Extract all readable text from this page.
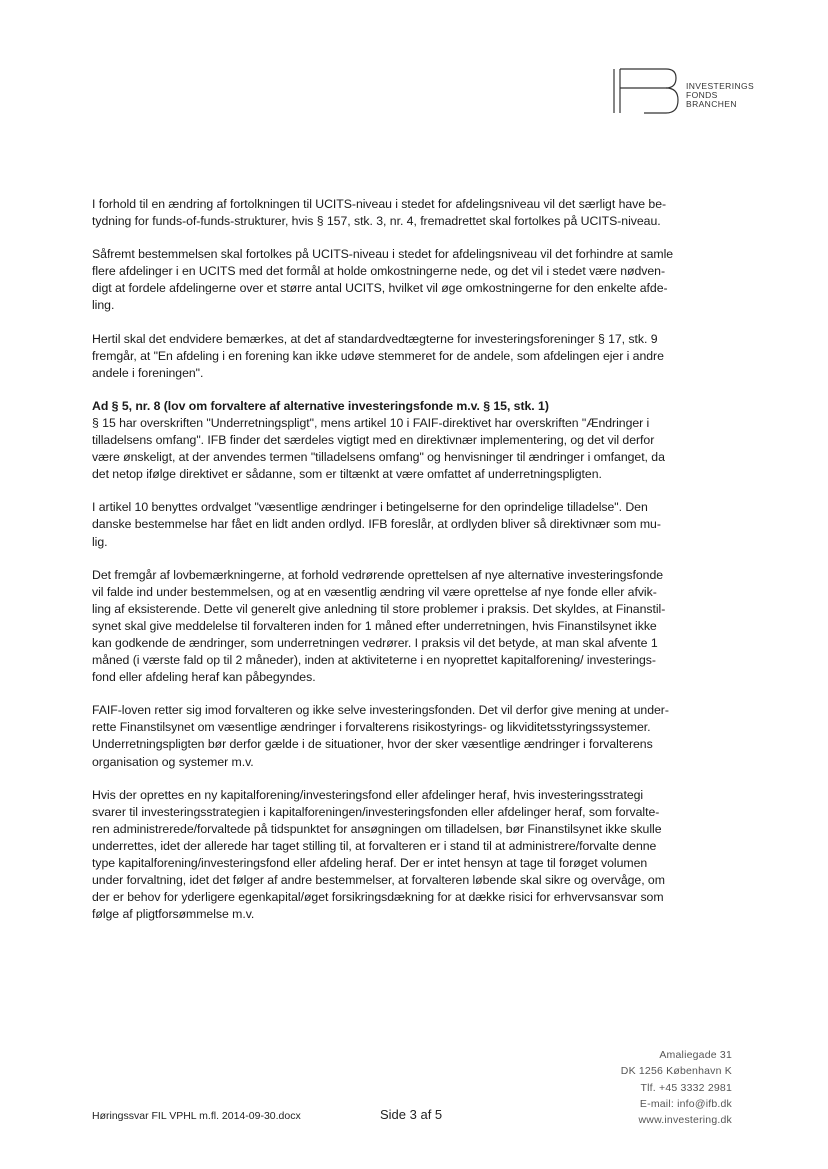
INVESTERINGS
FONDS
BRANCHEN
I forhold til en ændring af fortolkningen til UCITS-niveau i stedet for afdelingsniveau vil det særligt have be-
tydning for funds-of-funds-strukturer, hvis § 157, stk. 3, nr. 4, fremadrettet skal fortolkes på UCITS-niveau.
Såfremt bestemmelsen skal fortolkes på UCITS-niveau i stedet for afdelingsniveau vil det forhindre at samle
flere afdelinger i en UCITS med det formål at holde omkostningerne nede, og det vil i stedet være nødven-
digt at fordele afdelingerne over et større antal UCITS, hvilket vil øge omkostningerne for den enkelte afde-
ling.
Hertil skal det endvidere bemærkes, at det af standardvedtægterne for investeringsforeninger § 17, stk. 9
fremgår, at "En afdeling i en forening kan ikke udøve stemmeret for de andele, som afdelingen ejer i andre
andele i foreningen".
Ad § 5, nr. 8 (lov om forvaltere af alternative investeringsfonde m.v. § 15, stk. 1)
§ 15 har overskriften "Underretningspligt", mens artikel 10 i FAIF-direktivet har overskriften "Ændringer i
tilladelsens omfang". IFB finder det særdeles vigtigt med en direktivnær implementering, og det vil derfor
være ønskeligt, at der anvendes termen "tilladelsens omfang" og henvisninger til ændringer i omfanget, da
det netop ifølge direktivet er sådanne, som er tiltænkt at være omfattet af underretningspligten.
I artikel 10 benyttes ordvalget "væsentlige ændringer i betingelserne for den oprindelige tilladelse". Den
danske bestemmelse har fået en lidt anden ordlyd. IFB foreslår, at ordlyden bliver så direktivnær som mu-
lig.
Det fremgår af lovbemærkningerne, at forhold vedrørende oprettelsen af nye alternative investeringsfonde
vil falde ind under bestemmelsen, og at en væsentlig ændring vil være oprettelse af nye fonde eller afvik-
ling af eksisterende. Dette vil generelt give anledning til store problemer i praksis. Det skyldes, at Finanstil-
synet skal give meddelelse til forvalteren inden for 1 måned efter underretningen, hvis Finanstilsynet ikke
kan godkende de ændringer, som underretningen vedrører. I praksis vil det betyde, at man skal afvente 1
måned (i værste fald op til 2 måneder), inden at aktiviteterne i en nyoprettet kapitalforening/ investerings-
fond eller afdeling heraf kan påbegyndes.
FAIF-loven retter sig imod forvalteren og ikke selve investeringsfonden. Det vil derfor give mening at under-
rette Finanstilsynet om væsentlige ændringer i forvalterens risikostyrings- og likviditetsstyringssystemer.
Underretningspligten bør derfor gælde i de situationer, hvor der sker væsentlige ændringer i forvalterens
organisation og systemer m.v.
Hvis der oprettes en ny kapitalforening/investeringsfond eller afdelinger heraf, hvis investeringsstrategi
svarer til investeringsstrategien i kapitalforeningen/investeringsfonden eller afdelinger heraf, som forvalte-
ren administrerede/forvaltede på tidspunktet for ansøgningen om tilladelsen, bør Finanstilsynet ikke skulle
underrettes, idet der allerede har taget stilling til, at forvalteren er i stand til at administrere/forvalte denne
type kapitalforening/investeringsfond eller afdeling heraf. Der er intet hensyn at tage til forøget volumen
under forvaltning, idet det følger af andre bestemmelser, at forvalteren løbende skal sikre og overvåge, om
der er behov for yderligere egenkapital/øget forsikringsdækning for at dække risici for erhvervsansvar som
følge af pligtforsømmelse m.v.
Amaliegade 31
DK 1256 København K
Tlf. +45 3332 2981
E-mail: info@ifb.dk
www.investering.dk
Høringssvar FIL VPHL m.fl. 2014-09-30.docx	Side 3 af 5
